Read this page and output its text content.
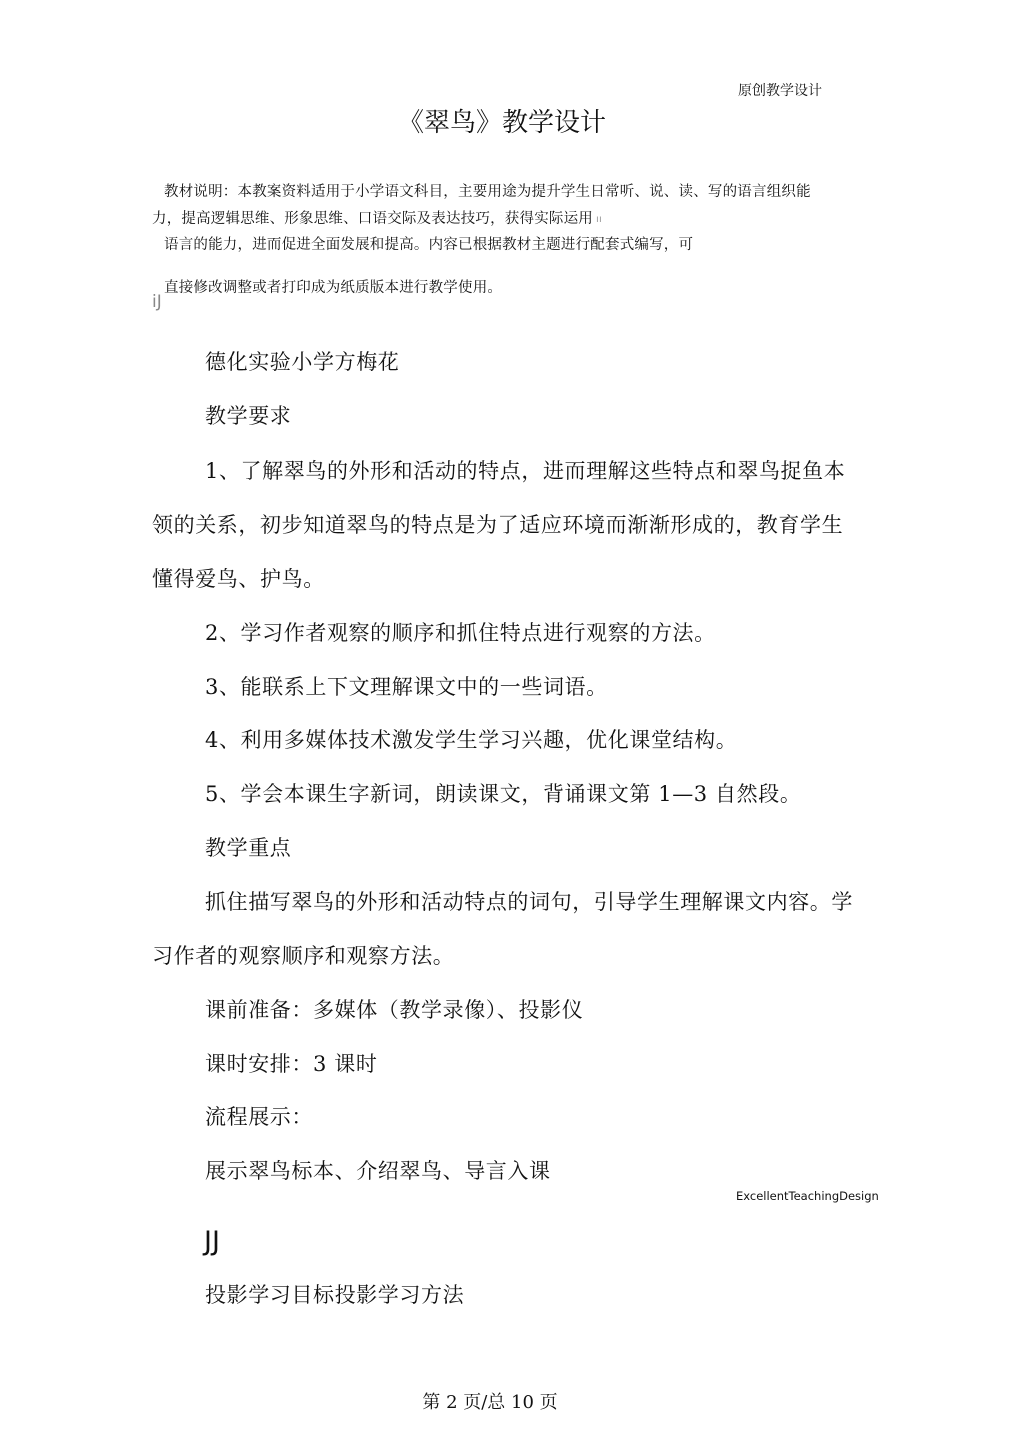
原创教学设计
《翠鸟》教学设计
教材说明：本教案资料适用于小学语文科目，主要用途为提升学生日常听、说、读、写的语言组织能
力，提高逻辑思维、形象思维、口语交际及表达技巧，获得实际运用 ıı
语言的能力，进而促进全面发展和提高。内容已根据教材主题进行配套式编写，可
直接修改调整或者打印成为纸质版本进行教学使用。
iJ
德化实验小学方梅花
教学要求
1、了解翠鸟的外形和活动的特点，进而理解这些特点和翠鸟捉鱼本
领的关系，初步知道翠鸟的特点是为了适应环境而渐渐形成的，教育学生
懂得爱鸟、护鸟。
2、学习作者观察的顺序和抓住特点进行观察的方法。
3、能联系上下文理解课文中的一些词语。
4、利用多媒体技术激发学生学习兴趣，优化课堂结构。
5、学会本课生字新词，朗读课文，背诵课文第 1—3 自然段。
教学重点
抓住描写翠鸟的外形和活动特点的词句，引导学生理解课文内容。学
习作者的观察顺序和观察方法。
课前准备：多媒体（教学录像）、投影仪
课时安排：3 课时
流程展示：
展示翠鸟标本、介绍翠鸟、导言入课
ExcellentTeachingDesign
JJ
投影学习目标投影学习方法
第 2 页/总 10 页
